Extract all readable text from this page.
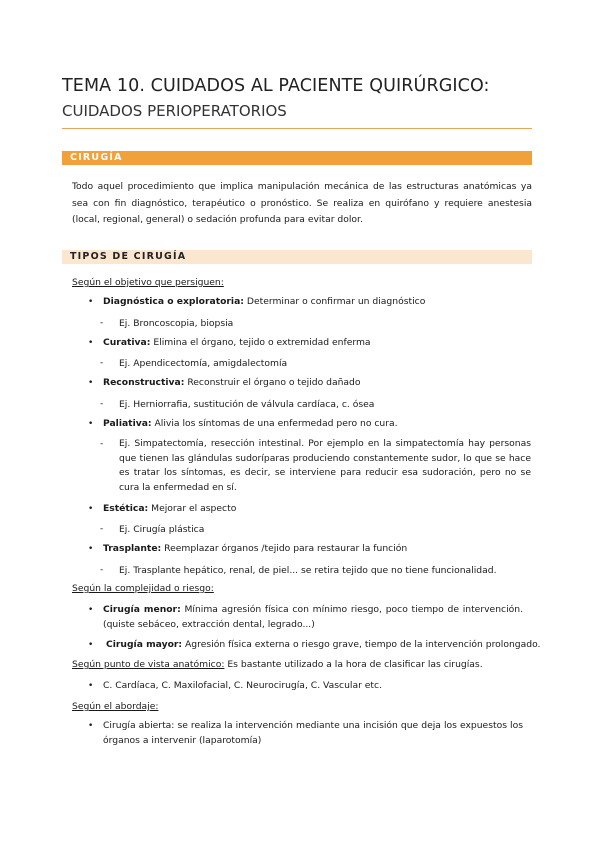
TEMA 10. CUIDADOS AL PACIENTE QUIRÚRGICO:
CUIDADOS PERIOPERATORIOS
CIRUGÍA
Todo aquel procedimiento que implica manipulación mecánica de las estructuras anatómicas ya sea con fin diagnóstico, terapéutico o pronóstico. Se realiza en quirófano y requiere anestesia (local, regional, general) o sedación profunda para evitar dolor.
TIPOS DE CIRUGÍA
Según el objetivo que persiguen:
• Diagnóstica o exploratoria: Determinar o confirmar un diagnóstico
- Ej. Broncoscopia, biopsia
• Curativa: Elimina el órgano, tejido o extremidad enferma
- Ej. Apendicectomía, amigdalectomía
• Reconstructiva: Reconstruir el órgano o tejido dañado
- Ej. Herniorrafia, sustitución de válvula cardíaca, c. ósea
• Paliativa: Alivia los síntomas de una enfermedad pero no cura.
- Ej. Simpatectomía, resección intestinal. Por ejemplo en la simpatectomía hay personas que tienen las glándulas sudoríparas produciendo constantemente sudor, lo que se hace es tratar los síntomas, es decir, se interviene para reducir esa sudoración, pero no se cura la enfermedad en sí.
• Estética: Mejorar el aspecto
- Ej. Cirugía plástica
• Trasplante: Reemplazar órganos /tejido para restaurar la función
- Ej. Trasplante hepático, renal, de piel... se retira tejido que no tiene funcionalidad.
Según la complejidad o riesgo:
• Cirugía menor: Mínima agresión física con mínimo riesgo, poco tiempo de intervención. (quiste sebáceo, extracción dental, legrado...)
• Cirugía mayor: Agresión física externa o riesgo grave, tiempo de la intervención prolongado.
Según punto de vista anatómico: Es bastante utilizado a la hora de clasificar las cirugías.
• C. Cardíaca, C. Maxilofacial, C. Neurocirugía, C. Vascular etc.
Según el abordaje:
• Cirugía abierta: se realiza la intervención mediante una incisión que deja los expuestos los órganos a intervenir (laparotomía)
